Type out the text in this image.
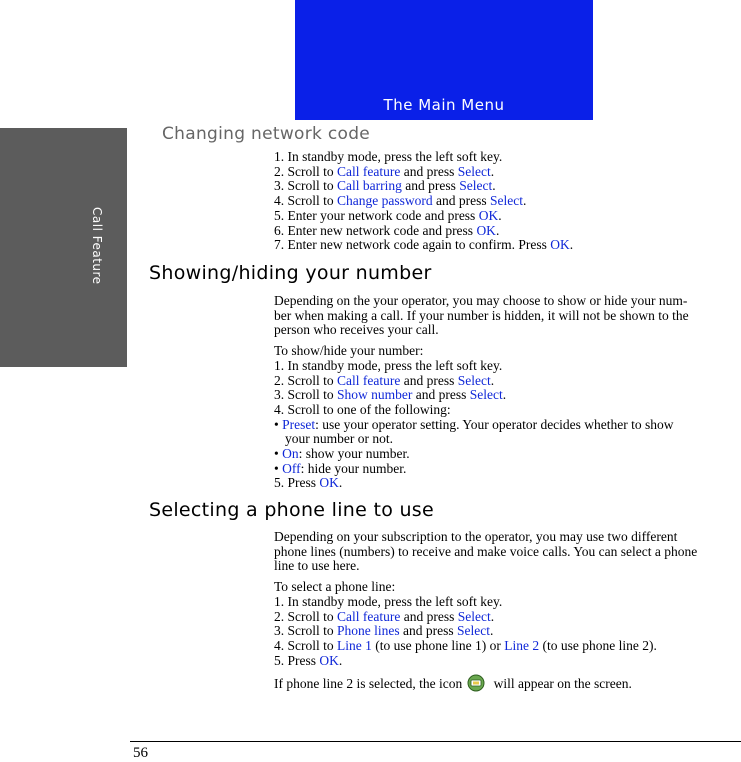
The Main Menu
Call Feature
Changing network code
1. In standby mode, press the left soft key.
2. Scroll to Call feature and press Select.
3. Scroll to Call barring and press Select.
4. Scroll to Change password and press Select.
5. Enter your network code and press OK.
6. Enter new network code and press OK.
7. Enter new network code again to confirm. Press OK.
Showing/hiding your number
Depending on the your operator, you may choose to show or hide your num-
ber when making a call. If your number is hidden, it will not be shown to the
person who receives your call.
To show/hide your number:
1. In standby mode, press the left soft key.
2. Scroll to Call feature and press Select.
3. Scroll to Show number and press Select.
4. Scroll to one of the following:
• Preset: use your operator setting. Your operator decides whether to show
your number or not.
• On: show your number.
• Off: hide your number.
5. Press OK.
Selecting a phone line to use
Depending on your subscription to the operator, you may use two different
phone lines (numbers) to receive and make voice calls. You can select a phone
line to use here.
To select a phone line:
1. In standby mode, press the left soft key.
2. Scroll to Call feature and press Select.
3. Scroll to Phone lines and press Select.
4. Scroll to Line 1 (to use phone line 1) or Line 2 (to use phone line 2).
5. Press OK.
If phone line 2 is selected, the icon will appear on the screen.
56
